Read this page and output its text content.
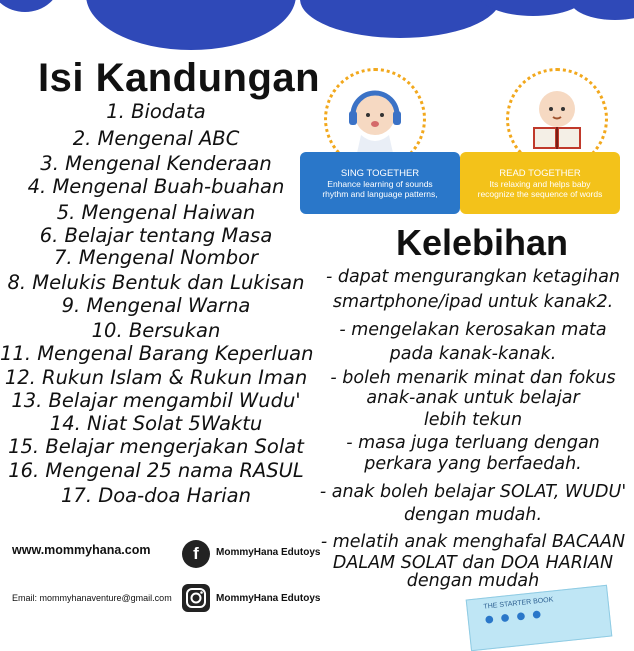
Isi Kandungan
1. Biodata
2. Mengenal ABC
3. Mengenal Kenderaan
4. Mengenal Buah-buahan
5. Mengenal Haiwan
6. Belajar tentang Masa
7. Mengenal Nombor
8. Melukis Bentuk dan Lukisan
9. Mengenal Warna
10. Bersukan
11. Mengenal Barang Keperluan
12. Rukun Islam & Rukun Iman
13. Belajar mengambil Wudu'
14. Niat Solat 5Waktu
15. Belajar mengerjakan Solat
16. Mengenal 25 nama RASUL
17. Doa-doa Harian
SING TOGETHER
Enhance learning of sounds
rhythm and language patterns,
READ TOGETHER
Its relaxing and helps baby
recognize the sequence of words
Kelebihan
- dapat mengurangkan ketagihan
smartphone/ipad untuk kanak2.
- mengelakan kerosakan mata
pada kanak-kanak.
- boleh menarik minat dan fokus
anak-anak untuk belajar
lebih tekun
- masa juga terluang dengan
perkara yang berfaedah.
- anak boleh belajar SOLAT, WUDU'
dengan mudah.
- melatih anak menghafal BACAAN
DALAM SOLAT dan DOA HARIAN
dengan mudah
www.mommyhana.com
Email: mommyhanaventure@gmail.com
f	MommyHana Edutoys
MommyHana Edutoys	THE STARTER BOOK
● ● ● ●
